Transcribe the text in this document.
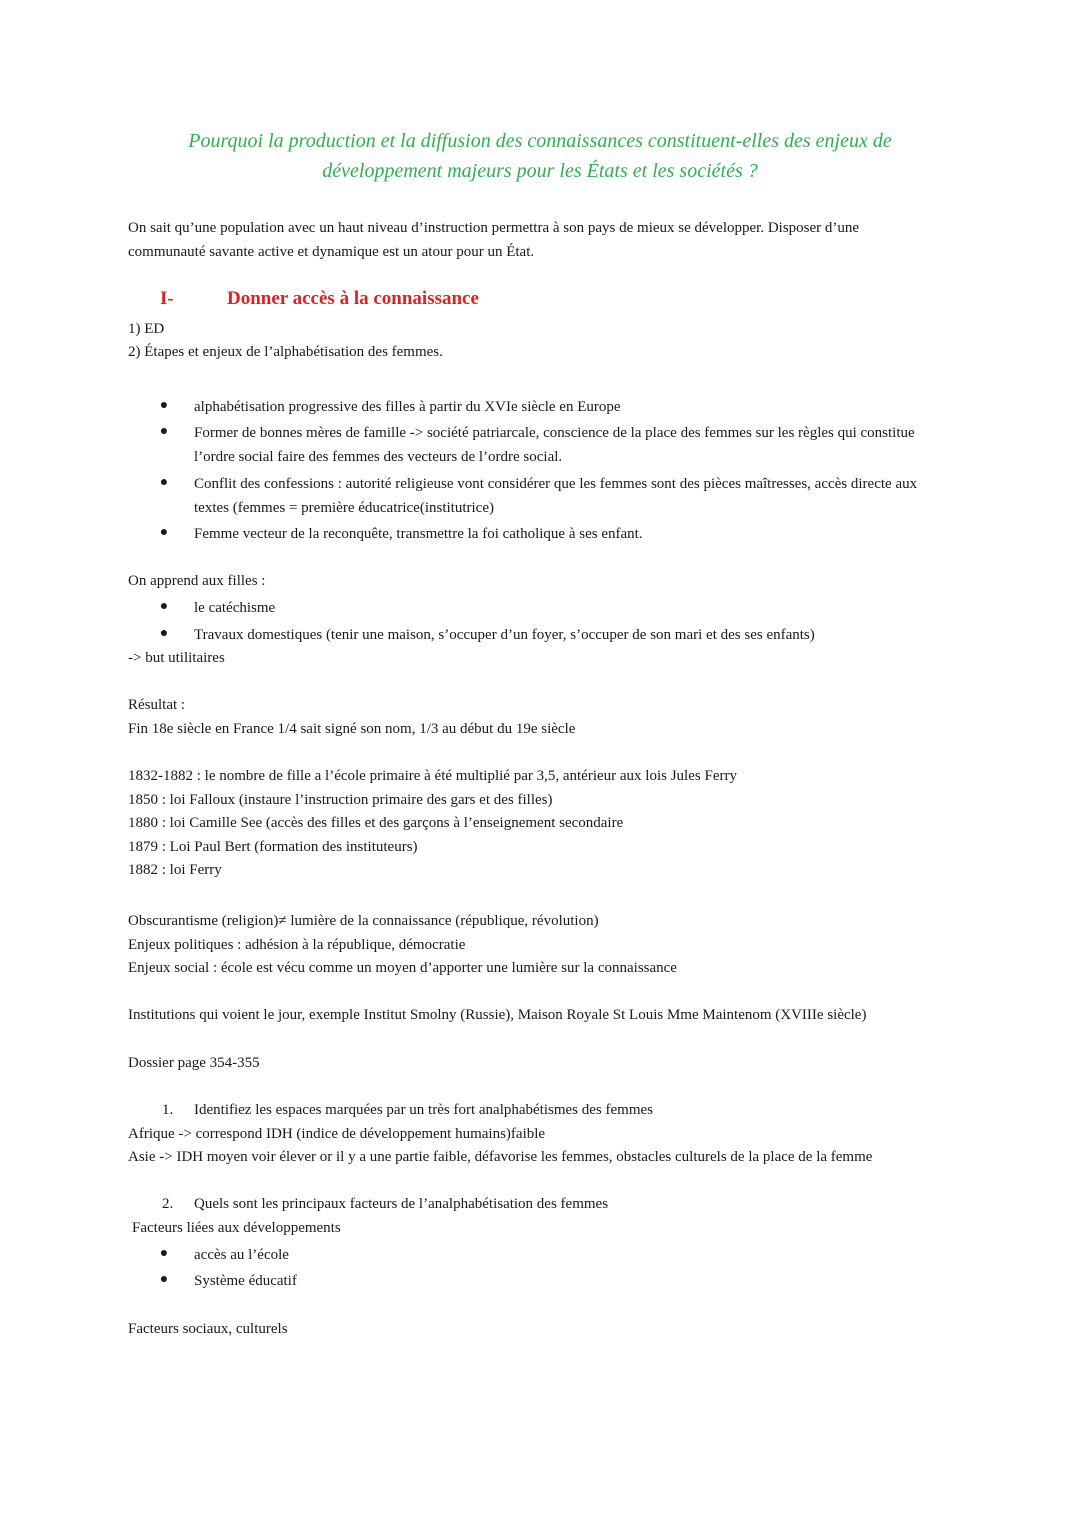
Pourquoi la production et la diffusion des connaissances constituent-elles des enjeux de
développement majeurs pour les États et les sociétés ?

On sait qu’une population avec un haut niveau d’instruction permettra à son pays de mieux se développer. Disposer d’une communauté savante active et dynamique est un atour pour un État.

I-	Donner accès à la connaissance

1) ED

2) Étapes et enjeux de l’alphabétisation des femmes.

● alphabétisation progressive des filles à partir du XVIe siècle en Europe

● Former de bonnes mères de famille -> société patriarcale, conscience de la place des femmes sur les règles qui constitue l’ordre social faire des femmes des vecteurs de l’ordre social.

● Conflit des confessions : autorité religieuse vont considérer que les femmes sont des pièces maîtresses, accès directe aux textes (femmes = première éducatrice(institutrice)

● Femme vecteur de la reconquête, transmettre la foi catholique à ses enfant.

On apprend aux filles :

● le catéchisme

● Travaux domestiques (tenir une maison, s’occuper d’un foyer, s’occuper de son mari et des ses enfants)

-> but utilitaires

Résultat :

Fin 18e siècle en France 1/4 sait signé son nom, 1/3 au début du 19e siècle

1832-1882 : le nombre de fille a l’école primaire à été multiplié par 3,5, antérieur aux lois Jules Ferry

1850 : loi Falloux (instaure l’instruction primaire des gars et des filles)

1880 : loi Camille See (accès des filles et des garçons à l’enseignement secondaire

1879 : Loi Paul Bert (formation des instituteurs)

1882 : loi Ferry

Obscurantisme (religion)≠ lumière de la connaissance (république, révolution)

Enjeux politiques : adhésion à la république, démocratie

Enjeux social : école est vécu comme un moyen d’apporter une lumière sur la connaissance

Institutions qui voient le jour, exemple Institut Smolny (Russie), Maison Royale St Louis Mme Maintenom (XVIIIe siècle)

Dossier page 354-355

1. Identifiez les espaces marquées par un très fort analphabétismes des femmes

Afrique -> correspond IDH (indice de développement humains)faible

Asie -> IDH moyen voir élever or il y a une partie faible, défavorise les femmes, obstacles culturels de la place de la femme

2. Quels sont les principaux facteurs de l’analphabétisation des femmes

Facteurs liées aux développements

● accès au l’école

● Système éducatif

Facteurs sociaux, culturels
